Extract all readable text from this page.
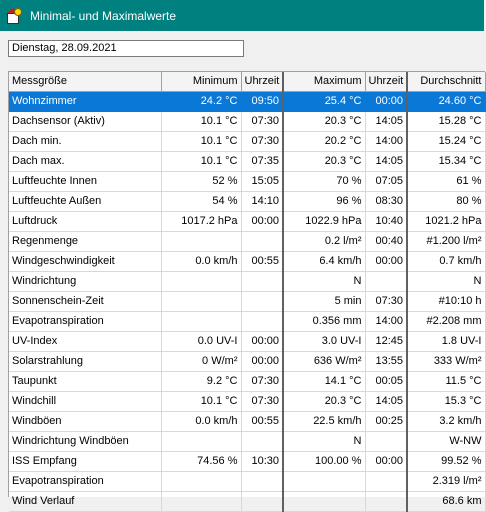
Minimal- und Maximalwerte
Dienstag, 28.09.2021
Messgröße	Minimum	Uhrzeit	Maximum	Uhrzeit	Durchschnitt
Wohnzimmer	24.2 °C	09:50	25.4 °C	00:00	24.60 °C
Dachsensor (Aktiv)	10.1 °C	07:30	20.3 °C	14:05	15.28 °C
Dach min.	10.1 °C	07:30	20.2 °C	14:00	15.24 °C
Dach max.	10.1 °C	07:35	20.3 °C	14:05	15.34 °C
Luftfeuchte Innen	52 %	15:05	70 %	07:05	61 %
Luftfeuchte Außen	54 %	14:10	96 %	08:30	80 %
Luftdruck	1017.2 hPa	00:00	1022.9 hPa	10:40	1021.2 hPa
Regenmenge			0.2 l/m²	00:40	#1.200 l/m²
Windgeschwindigkeit	0.0 km/h	00:55	6.4 km/h	00:00	0.7 km/h
Windrichtung			N		N
Sonnenschein-Zeit			5 min	07:30	#10:10 h
Evapotranspiration			0.356 mm	14:00	#2.208 mm
UV-Index	0.0 UV-I	00:00	3.0 UV-I	12:45	1.8 UV-I
Solarstrahlung	0 W/m²	00:00	636 W/m²	13:55	333 W/m²
Taupunkt	9.2 °C	07:30	14.1 °C	00:05	11.5 °C
Windchill	10.1 °C	07:30	20.3 °C	14:05	15.3 °C
Windböen	0.0 km/h	00:55	22.5 km/h	00:25	3.2 km/h
Windrichtung Windböen			N		W-NW
ISS Empfang	74.56 %	10:30	100.00 %	00:00	99.52 %
Evapotranspiration					2.319 l/m²
Wind Verlauf					68.6 km
